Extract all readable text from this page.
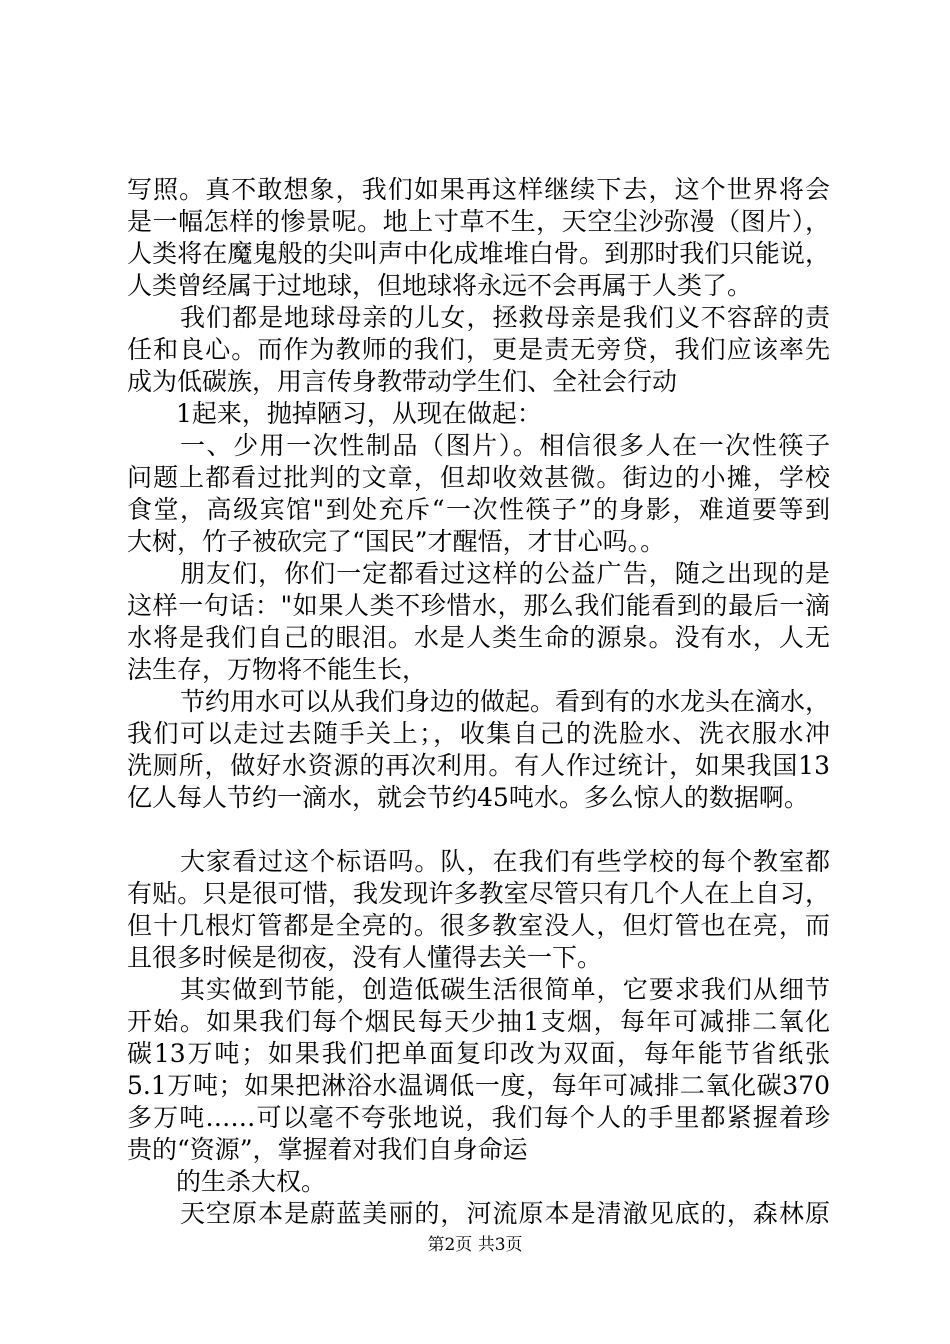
写照。真不敢想象，我们如果再这样继续下去，这个世界将会
是一幅怎样的惨景呢。地上寸草不生，天空尘沙弥漫（图片），
人类将在魔鬼般的尖叫声中化成堆堆白骨。到那时我们只能说，
人类曾经属于过地球，但地球将永远不会再属于人类了。
我们都是地球母亲的儿女，拯救母亲是我们义不容辞的责
任和良心。而作为教师的我们，更是责无旁贷，我们应该率先
成为低碳族，用言传身教带动学生们、全社会行动
1起来，抛掉陋习，从现在做起：
一、少用一次性制品（图片）。相信很多人在一次性筷子
问题上都看过批判的文章，但却收效甚微。街边的小摊，学校
食堂，高级宾馆"到处充斥“一次性筷子”的身影，难道要等到
大树，竹子被砍完了“国民”才醒悟，才甘心吗。。
朋友们，你们一定都看过这样的公益广告，随之出现的是
这样一句话："如果人类不珍惜水，那么我们能看到的最后一滴
水将是我们自己的眼泪。水是人类生命的源泉。没有水，人无
法生存，万物将不能生长，
节约用水可以从我们身边的做起。看到有的水龙头在滴水，
我们可以走过去随手关上；，收集自己的洗脸水、洗衣服水冲
洗厕所，做好水资源的再次利用。有人作过统计，如果我国13
亿人每人节约一滴水，就会节约45吨水。多么惊人的数据啊。
大家看过这个标语吗。队，在我们有些学校的每个教室都
有贴。只是很可惜，我发现许多教室尽管只有几个人在上自习，
但十几根灯管都是全亮的。很多教室没人，但灯管也在亮，而
且很多时候是彻夜，没有人懂得去关一下。
其实做到节能，创造低碳生活很简单，它要求我们从细节
开始。如果我们每个烟民每天少抽1支烟，每年可减排二氧化
碳13万吨；如果我们把单面复印改为双面，每年能节省纸张
5.1万吨；如果把淋浴水温调低一度，每年可减排二氧化碳370
多万吨……可以毫不夸张地说，我们每个人的手里都紧握着珍
贵的“资源”，掌握着对我们自身命运
的生杀大权。
天空原本是蔚蓝美丽的，河流原本是清澈见底的，森林原
第2页 共3页
